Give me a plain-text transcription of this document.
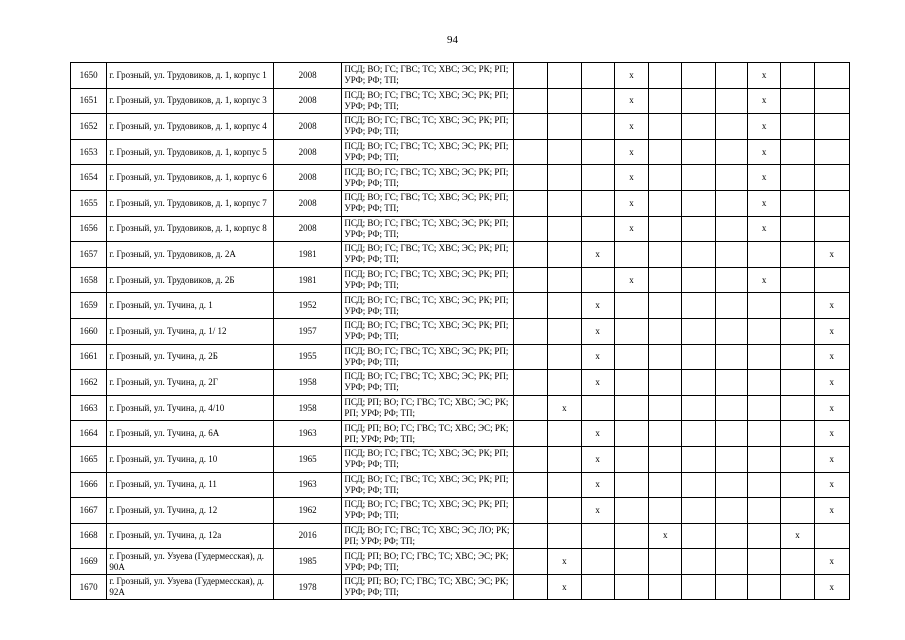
94
1650	г. Грозный, ул. Трудовиков, д. 1, корпус 1	2008	ПСД; ВО; ГС; ГВС; ТС; ХВС; ЭС; РК; РП; УРФ; РФ; ТП;				x				x		
1651	г. Грозный, ул. Трудовиков, д. 1, корпус 3	2008	ПСД; ВО; ГС; ГВС; ТС; ХВС; ЭС; РК; РП; УРФ; РФ; ТП;				x				x		
1652	г. Грозный, ул. Трудовиков, д. 1, корпус 4	2008	ПСД; ВО; ГС; ГВС; ТС; ХВС; ЭС; РК; РП; УРФ; РФ; ТП;				x				x		
1653	г. Грозный, ул. Трудовиков, д. 1, корпус 5	2008	ПСД; ВО; ГС; ГВС; ТС; ХВС; ЭС; РК; РП; УРФ; РФ; ТП;				x				x		
1654	г. Грозный, ул. Трудовиков, д. 1, корпус 6	2008	ПСД; ВО; ГС; ГВС; ТС; ХВС; ЭС; РК; РП; УРФ; РФ; ТП;				x				x		
1655	г. Грозный, ул. Трудовиков, д. 1, корпус 7	2008	ПСД; ВО; ГС; ГВС; ТС; ХВС; ЭС; РК; РП; УРФ; РФ; ТП;				x				x		
1656	г. Грозный, ул. Трудовиков, д. 1, корпус 8	2008	ПСД; ВО; ГС; ГВС; ТС; ХВС; ЭС; РК; РП; УРФ; РФ; ТП;				x				x		
1657	г. Грозный, ул. Трудовиков, д. 2А	1981	ПСД; ВО; ГС; ГВС; ТС; ХВС; ЭС; РК; РП; УРФ; РФ; ТП;			x							x
1658	г. Грозный, ул. Трудовиков, д. 2Б	1981	ПСД; ВО; ГС; ГВС; ТС; ХВС; ЭС; РК; РП; УРФ; РФ; ТП;				x				x		
1659	г. Грозный, ул. Тучина, д. 1	1952	ПСД; ВО; ГС; ГВС; ТС; ХВС; ЭС; РК; РП; УРФ; РФ; ТП;			x							x
1660	г. Грозный, ул. Тучина, д. 1/ 12	1957	ПСД; ВО; ГС; ГВС; ТС; ХВС; ЭС; РК; РП; УРФ; РФ; ТП;			x							x
1661	г. Грозный, ул. Тучина, д. 2Б	1955	ПСД; ВО; ГС; ГВС; ТС; ХВС; ЭС; РК; РП; УРФ; РФ; ТП;			x							x
1662	г. Грозный, ул. Тучина, д. 2Г	1958	ПСД; ВО; ГС; ГВС; ТС; ХВС; ЭС; РК; РП; УРФ; РФ; ТП;			x							x
1663	г. Грозный, ул. Тучина, д. 4/10	1958	ПСД; РП; ВО; ГС; ГВС; ТС; ХВС; ЭС; РК; РП; УРФ; РФ; ТП;		x								x
1664	г. Грозный, ул. Тучина, д. 6А	1963	ПСД; РП; ВО; ГС; ГВС; ТС; ХВС; ЭС; РК; РП; УРФ; РФ; ТП;			x							x
1665	г. Грозный, ул. Тучина, д. 10	1965	ПСД; ВО; ГС; ГВС; ТС; ХВС; ЭС; РК; РП; УРФ; РФ; ТП;			x							x
1666	г. Грозный, ул. Тучина, д. 11	1963	ПСД; ВО; ГС; ГВС; ТС; ХВС; ЭС; РК; РП; УРФ; РФ; ТП;			x							x
1667	г. Грозный, ул. Тучина, д. 12	1962	ПСД; ВО; ГС; ГВС; ТС; ХВС; ЭС; РК; РП; УРФ; РФ; ТП;			x							x
1668	г. Грозный, ул. Тучина, д. 12а	2016	ПСД; ВО; ГС; ГВС; ТС; ХВС; ЭС; ЛО; РК; РП; УРФ; РФ; ТП;					x				x	
1669	г. Грозный, ул. Узуева (Гудермесская), д. 90А	1985	ПСД; РП; ВО; ГС; ГВС; ТС; ХВС; ЭС; РК; УРФ; РФ; ТП;		x								x
1670	г. Грозный, ул. Узуева (Гудермесская), д. 92А	1978	ПСД; РП; ВО; ГС; ГВС; ТС; ХВС; ЭС; РК; УРФ; РФ; ТП;		x								x
